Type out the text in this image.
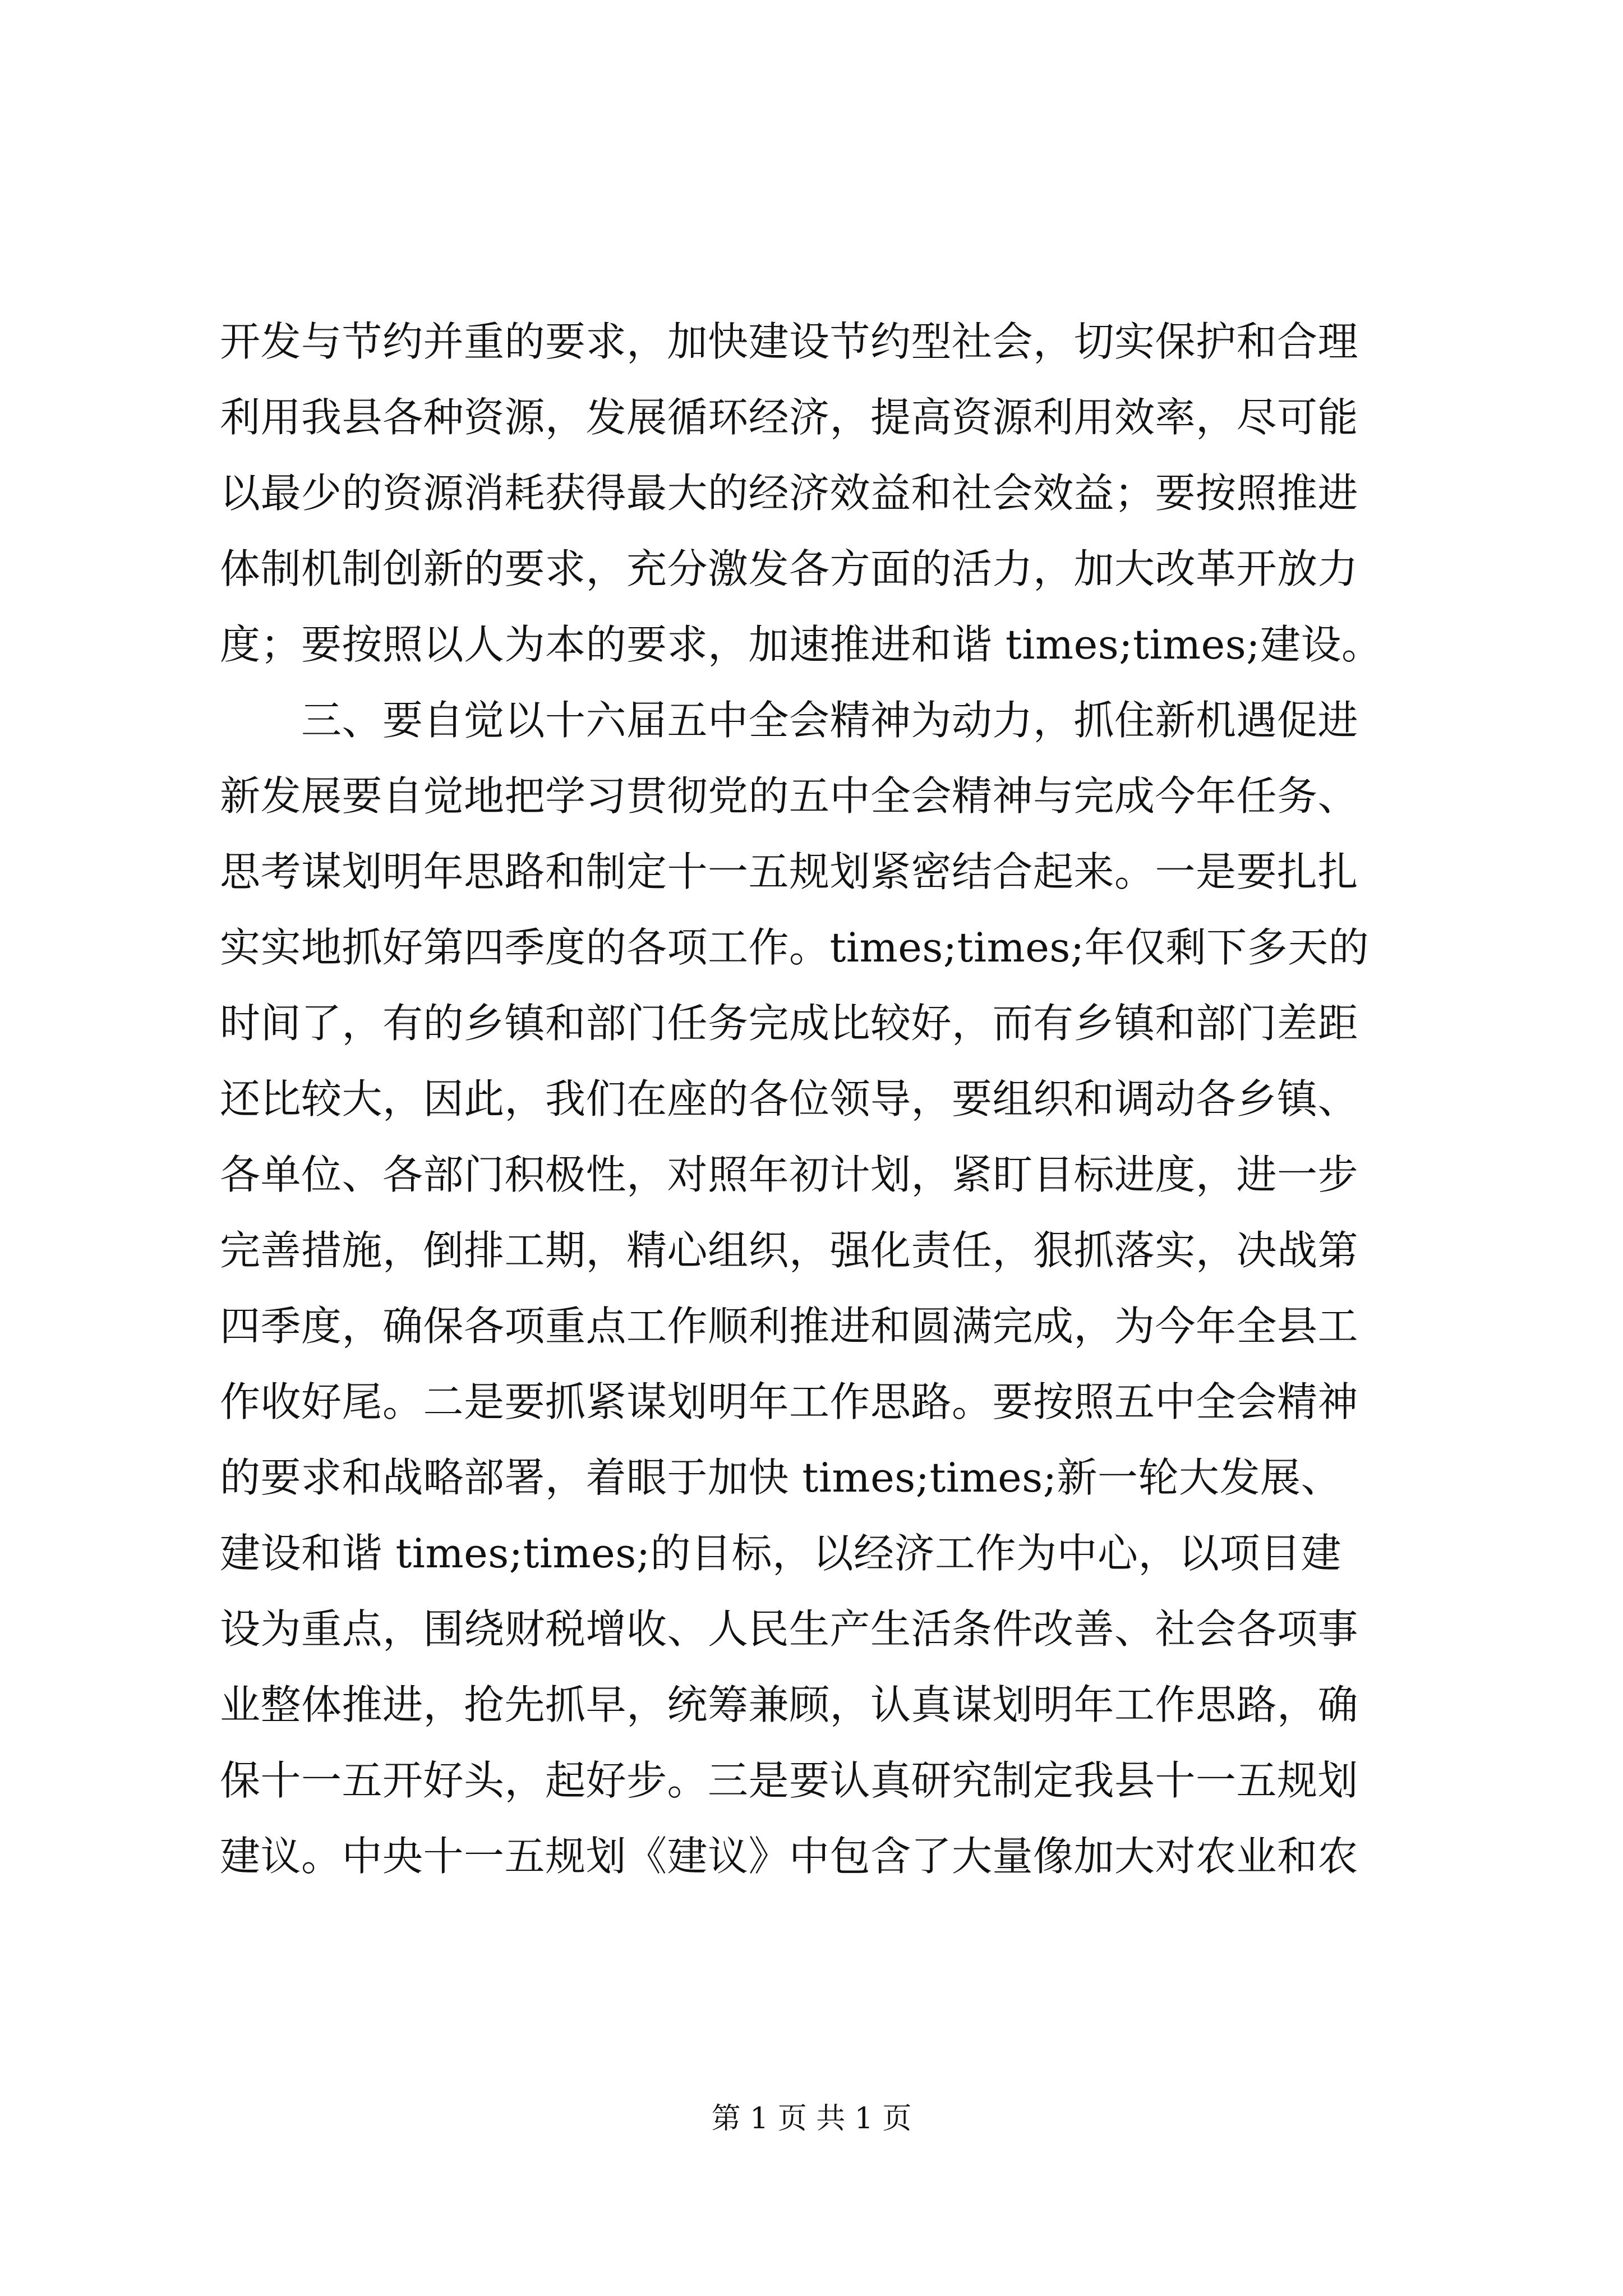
开发与节约并重的要求，加快建设节约型社会，切实保护和合理
利用我县各种资源，发展循环经济，提高资源利用效率，尽可能
以最少的资源消耗获得最大的经济效益和社会效益；要按照推进
体制机制创新的要求，充分激发各方面的活力，加大改革开放力
度；要按照以人为本的要求，加速推进和谐 times;times;建设。
　　三、要自觉以十六届五中全会精神为动力，抓住新机遇促进
新发展要自觉地把学习贯彻党的五中全会精神与完成今年任务、
思考谋划明年思路和制定十一五规划紧密结合起来。一是要扎扎
实实地抓好第四季度的各项工作。times;times;年仅剩下多天的
时间了，有的乡镇和部门任务完成比较好，而有乡镇和部门差距
还比较大，因此，我们在座的各位领导，要组织和调动各乡镇、
各单位、各部门积极性，对照年初计划，紧盯目标进度，进一步
完善措施，倒排工期，精心组织，强化责任，狠抓落实，决战第
四季度，确保各项重点工作顺利推进和圆满完成，为今年全县工
作收好尾。二是要抓紧谋划明年工作思路。要按照五中全会精神
的要求和战略部署，着眼于加快 times;times;新一轮大发展、
建设和谐 times;times;的目标，以经济工作为中心，以项目建
设为重点，围绕财税增收、人民生产生活条件改善、社会各项事
业整体推进，抢先抓早，统筹兼顾，认真谋划明年工作思路，确
保十一五开好头，起好步。三是要认真研究制定我县十一五规划
建议。中央十一五规划《建议》中包含了大量像加大对农业和农
第 1 页 共 1 页
